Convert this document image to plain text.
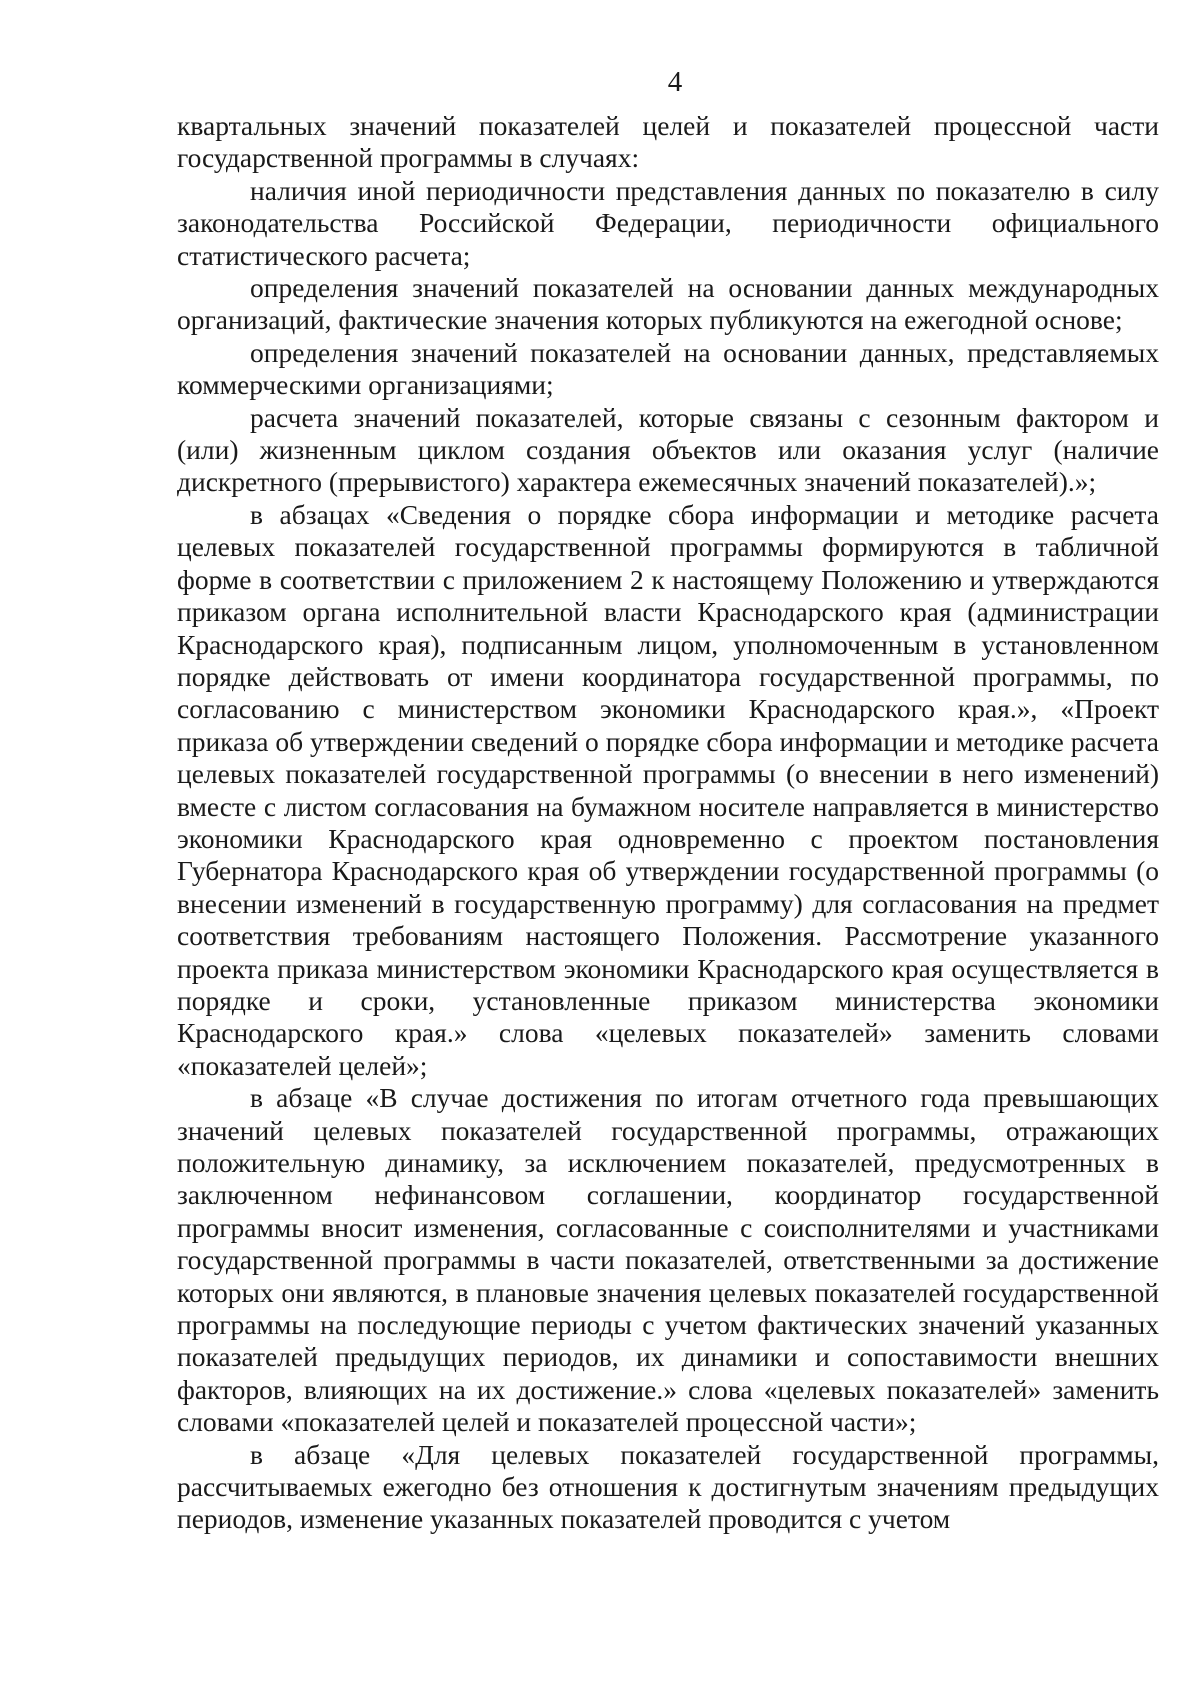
4

квартальных значений показателей целей и показателей процессной части государственной программы в случаях:

наличия иной периодичности представления данных по показателю в силу законодательства Российской Федерации, периодичности официального статистического расчета;

определения значений показателей на основании данных международных организаций, фактические значения которых публикуются на ежегодной основе;

определения значений показателей на основании данных, представляемых коммерческими организациями;

расчета значений показателей, которые связаны с сезонным фактором и (или) жизненным циклом создания объектов или оказания услуг (наличие дискретного (прерывистого) характера ежемесячных значений показателей).»;

в абзацах «Сведения о порядке сбора информации и методике расчета целевых показателей государственной программы формируются в табличной форме в соответствии с приложением 2 к настоящему Положению и утверждаются приказом органа исполнительной власти Краснодарского края (администрации Краснодарского края), подписанным лицом, уполномоченным в установленном порядке действовать от имени координатора государственной программы, по согласованию с министерством экономики Краснодарского края.», «Проект приказа об утверждении сведений о порядке сбора информации и методике расчета целевых показателей государственной программы (о внесении в него изменений) вместе с листом согласования на бумажном носителе направляется в министерство экономики Краснодарского края одновременно с проектом постановления Губернатора Краснодарского края об утверждении государственной программы (о внесении изменений в государственную программу) для согласования на предмет соответствия требованиям настоящего Положения. Рассмотрение указанного проекта приказа министерством экономики Краснодарского края осуществляется в порядке и сроки, установленные приказом министерства экономики Краснодарского края.» слова «целевых показателей» заменить словами «показателей целей»;

в абзаце «В случае достижения по итогам отчетного года превышающих значений целевых показателей государственной программы, отражающих положительную динамику, за исключением показателей, предусмотренных в заключенном нефинансовом соглашении, координатор государственной программы вносит изменения, согласованные с соисполнителями и участниками государственной программы в части показателей, ответственными за достижение которых они являются, в плановые значения целевых показателей государственной программы на последующие периоды с учетом фактических значений указанных показателей предыдущих периодов, их динамики и сопоставимости внешних факторов, влияющих на их достижение.» слова «целевых показателей» заменить словами «показателей целей и показателей процессной части»;

в абзаце «Для целевых показателей государственной программы, рассчитываемых ежегодно без отношения к достигнутым значениям предыдущих периодов, изменение указанных показателей проводится с учетом
